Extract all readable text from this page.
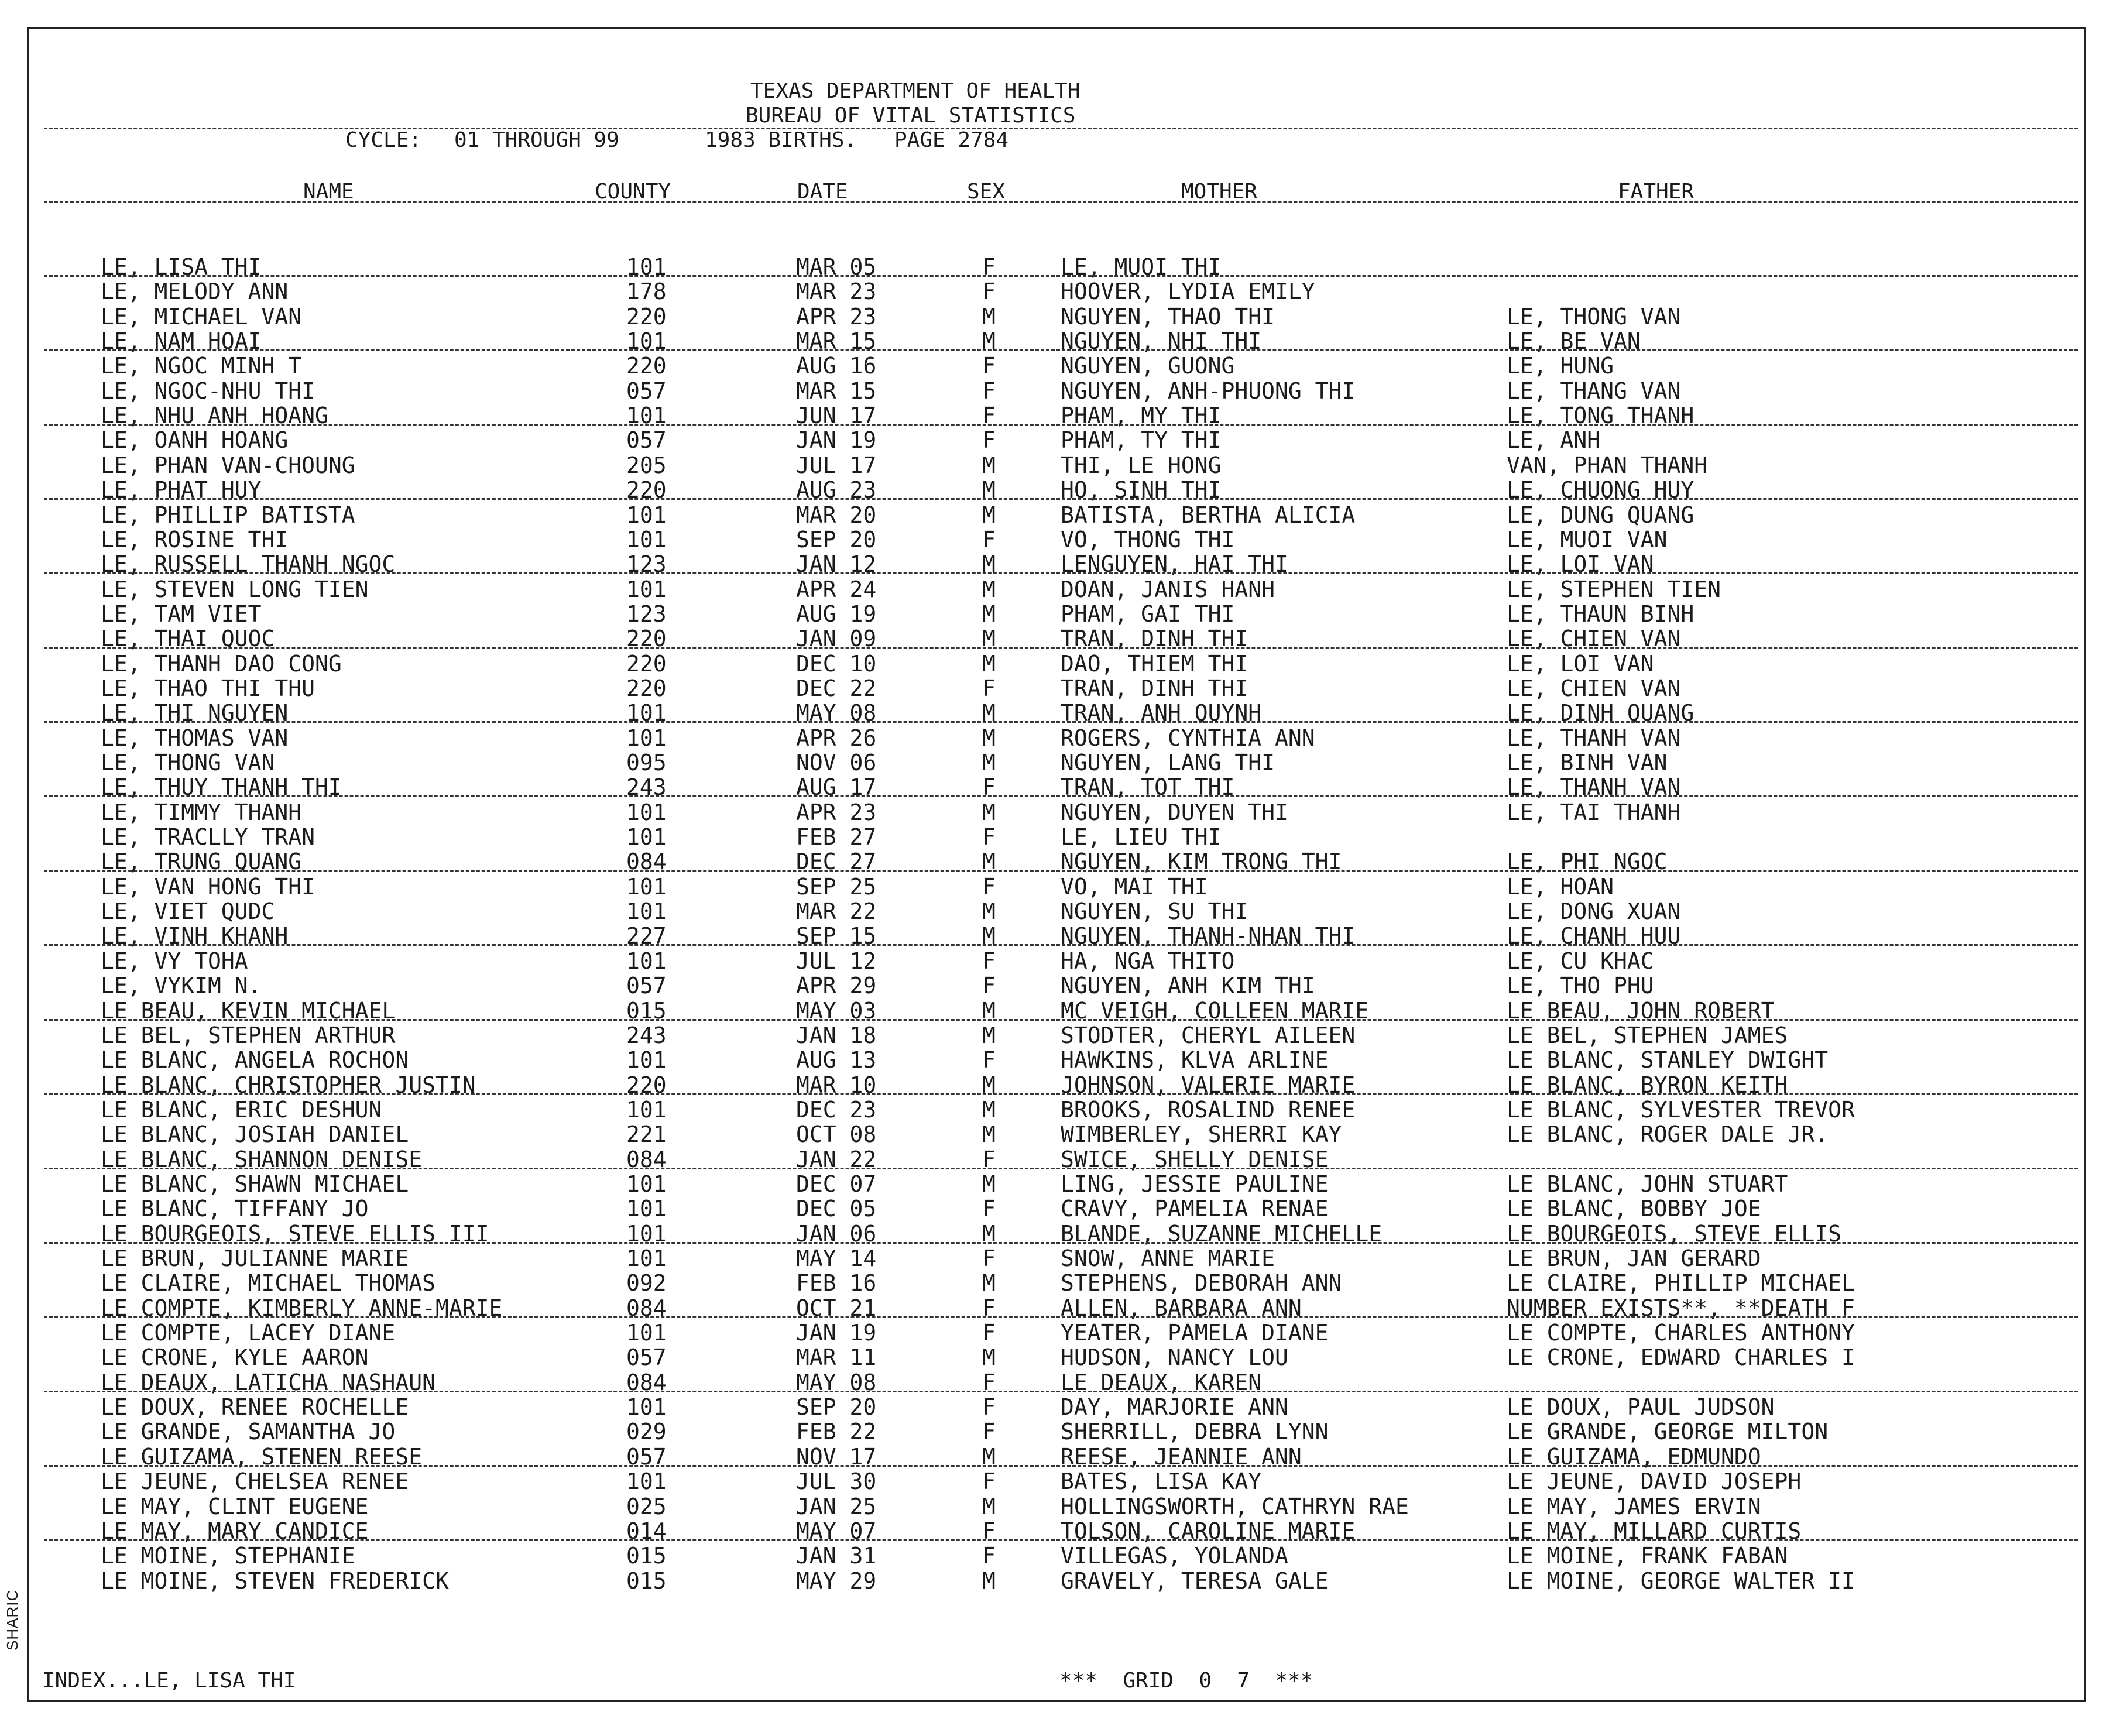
SHARIC
TEXAS DEPARTMENT OF HEALTH
BUREAU OF VITAL STATISTICS
CYCLE: 01 THROUGH 99	1983 BIRTHS. PAGE 2784
NAME	COUNTY	DATE	SEX	MOTHER	FATHER
LE, LISA THI	101	MAR 05	F	LE, MUOI THI
LE, MELODY ANN	178	MAR 23	F	HOOVER, LYDIA EMILY
LE, MICHAEL VAN	220	APR 23	M	NGUYEN, THAO THI	LE, THONG VAN
LE, NAM HOAI	101	MAR 15	M	NGUYEN, NHI THI	LE, BE VAN
LE, NGOC MINH T	220	AUG 16	F	NGUYEN, GUONG	LE, HUNG
LE, NGOC-NHU THI	057	MAR 15	F	NGUYEN, ANH-PHUONG THI	LE, THANG VAN
LE, NHU ANH HOANG	101	JUN 17	F	PHAM, MY THI	LE, TONG THANH
LE, OANH HOANG	057	JAN 19	F	PHAM, TY THI	LE, ANH
LE, PHAN VAN-CHOUNG	205	JUL 17	M	THI, LE HONG	VAN, PHAN THANH
LE, PHAT HUY	220	AUG 23	M	HO, SINH THI	LE, CHUONG HUY
LE, PHILLIP BATISTA	101	MAR 20	M	BATISTA, BERTHA ALICIA	LE, DUNG QUANG
LE, ROSINE THI	101	SEP 20	F	VO, THONG THI	LE, MUOI VAN
LE, RUSSELL THANH NGOC	123	JAN 12	M	LENGUYEN, HAI THI	LE, LOI VAN
LE, STEVEN LONG TIEN	101	APR 24	M	DOAN, JANIS HANH	LE, STEPHEN TIEN
LE, TAM VIET	123	AUG 19	M	PHAM, GAI THI	LE, THAUN BINH
LE, THAI QUOC	220	JAN 09	M	TRAN, DINH THI	LE, CHIEN VAN
LE, THANH DAO CONG	220	DEC 10	M	DAO, THIEM THI	LE, LOI VAN
LE, THAO THI THU	220	DEC 22	F	TRAN, DINH THI	LE, CHIEN VAN
LE, THI NGUYEN	101	MAY 08	M	TRAN, ANH QUYNH	LE, DINH QUANG
LE, THOMAS VAN	101	APR 26	M	ROGERS, CYNTHIA ANN	LE, THANH VAN
LE, THONG VAN	095	NOV 06	M	NGUYEN, LANG THI	LE, BINH VAN
LE, THUY THANH THI	243	AUG 17	F	TRAN, TOT THI	LE, THANH VAN
LE, TIMMY THANH	101	APR 23	M	NGUYEN, DUYEN THI	LE, TAI THANH
LE, TRACLLY TRAN	101	FEB 27	F	LE, LIEU THI
LE, TRUNG QUANG	084	DEC 27	M	NGUYEN, KIM TRONG THI	LE, PHI NGOC
LE, VAN HONG THI	101	SEP 25	F	VO, MAI THI	LE, HOAN
LE, VIET QUDC	101	MAR 22	M	NGUYEN, SU THI	LE, DONG XUAN
LE, VINH KHANH	227	SEP 15	M	NGUYEN, THANH-NHAN THI	LE, CHANH HUU
LE, VY TOHA	101	JUL 12	F	HA, NGA THITO	LE, CU KHAC
LE, VYKIM N.	057	APR 29	F	NGUYEN, ANH KIM THI	LE, THO PHU
LE BEAU, KEVIN MICHAEL	015	MAY 03	M	MC VEIGH, COLLEEN MARIE	LE BEAU, JOHN ROBERT
LE BEL, STEPHEN ARTHUR	243	JAN 18	M	STODTER, CHERYL AILEEN	LE BEL, STEPHEN JAMES
LE BLANC, ANGELA ROCHON	101	AUG 13	F	HAWKINS, KLVA ARLINE	LE BLANC, STANLEY DWIGHT
LE BLANC, CHRISTOPHER JUSTIN	220	MAR 10	M	JOHNSON, VALERIE MARIE	LE BLANC, BYRON KEITH
LE BLANC, ERIC DESHUN	101	DEC 23	M	BROOKS, ROSALIND RENEE	LE BLANC, SYLVESTER TREVOR
LE BLANC, JOSIAH DANIEL	221	OCT 08	M	WIMBERLEY, SHERRI KAY	LE BLANC, ROGER DALE JR.
LE BLANC, SHANNON DENISE	084	JAN 22	F	SWICE, SHELLY DENISE
LE BLANC, SHAWN MICHAEL	101	DEC 07	M	LING, JESSIE PAULINE	LE BLANC, JOHN STUART
LE BLANC, TIFFANY JO	101	DEC 05	F	CRAVY, PAMELIA RENAE	LE BLANC, BOBBY JOE
LE BOURGEOIS, STEVE ELLIS III	101	JAN 06	M	BLANDE, SUZANNE MICHELLE	LE BOURGEOIS, STEVE ELLIS
LE BRUN, JULIANNE MARIE	101	MAY 14	F	SNOW, ANNE MARIE	LE BRUN, JAN GERARD
LE CLAIRE, MICHAEL THOMAS	092	FEB 16	M	STEPHENS, DEBORAH ANN	LE CLAIRE, PHILLIP MICHAEL
LE COMPTE, KIMBERLY ANNE-MARIE	084	OCT 21	F	ALLEN, BARBARA ANN	NUMBER EXISTS**, **DEATH F
LE COMPTE, LACEY DIANE	101	JAN 19	F	YEATER, PAMELA DIANE	LE COMPTE, CHARLES ANTHONY
LE CRONE, KYLE AARON	057	MAR 11	M	HUDSON, NANCY LOU	LE CRONE, EDWARD CHARLES I
LE DEAUX, LATICHA NASHAUN	084	MAY 08	F	LE DEAUX, KAREN
LE DOUX, RENEE ROCHELLE	101	SEP 20	F	DAY, MARJORIE ANN	LE DOUX, PAUL JUDSON
LE GRANDE, SAMANTHA JO	029	FEB 22	F	SHERRILL, DEBRA LYNN	LE GRANDE, GEORGE MILTON
LE GUIZAMA, STENEN REESE	057	NOV 17	M	REESE, JEANNIE ANN	LE GUIZAMA, EDMUNDO
LE JEUNE, CHELSEA RENEE	101	JUL 30	F	BATES, LISA KAY	LE JEUNE, DAVID JOSEPH
LE MAY, CLINT EUGENE	025	JAN 25	M	HOLLINGSWORTH, CATHRYN RAE	LE MAY, JAMES ERVIN
LE MAY, MARY CANDICE	014	MAY 07	F	TOLSON, CAROLINE MARIE	LE MAY, MILLARD CURTIS
LE MOINE, STEPHANIE	015	JAN 31	F	VILLEGAS, YOLANDA	LE MOINE, FRANK FABAN
LE MOINE, STEVEN FREDERICK	015	MAY 29	M	GRAVELY, TERESA GALE	LE MOINE, GEORGE WALTER II
INDEX...LE, LISA THI	***  GRID  0  7  ***
